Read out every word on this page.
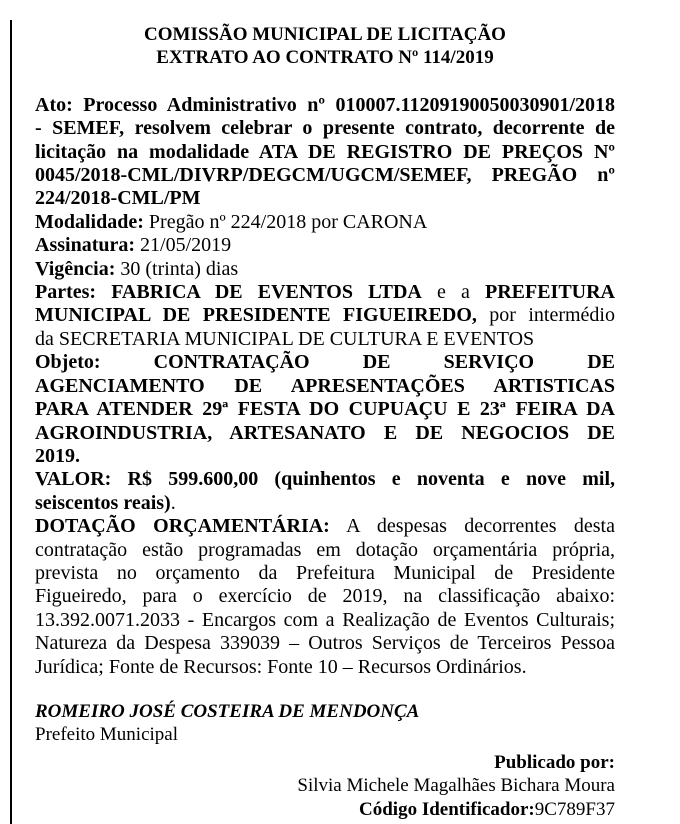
COMISSÃO MUNICIPAL DE LICITAÇÃO
EXTRATO AO CONTRATO Nº 114/2019
Ato: Processo Administrativo nº 010007.11209190050030901/2018
- SEMEF, resolvem celebrar o presente contrato, decorrente de
licitação na modalidade ATA DE REGISTRO DE PREÇOS Nº
0045/2018-CML/DIVRP/DEGCM/UGCM/SEMEF, PREGÃO nº
224/2018-CML/PM
Modalidade: Pregão nº 224/2018 por CARONA
Assinatura: 21/05/2019
Vigência: 30 (trinta) dias
Partes: FABRICA DE EVENTOS LTDA e a PREFEITURA
MUNICIPAL DE PRESIDENTE FIGUEIREDO, por intermédio
da SECRETARIA MUNICIPAL DE CULTURA E EVENTOS
Objeto: CONTRATAÇÃO DE SERVIÇO DE
AGENCIAMENTO DE APRESENTAÇÕES ARTISTICAS
PARA ATENDER 29ª FESTA DO CUPUAÇU E 23ª FEIRA DA
AGROINDUSTRIA, ARTESANATO E DE NEGOCIOS DE
2019.
VALOR: R$ 599.600,00 (quinhentos e noventa e nove mil,
seiscentos reais).
DOTAÇÃO ORÇAMENTÁRIA: A despesas decorrentes desta
contratação estão programadas em dotação orçamentária própria,
prevista no orçamento da Prefeitura Municipal de Presidente
Figueiredo, para o exercício de 2019, na classificação abaixo:
13.392.0071.2033 - Encargos com a Realização de Eventos Culturais;
Natureza da Despesa 339039 – Outros Serviços de Terceiros Pessoa
Jurídica; Fonte de Recursos: Fonte 10 – Recursos Ordinários.
ROMEIRO JOSÉ COSTEIRA DE MENDONÇA
Prefeito Municipal
Publicado por:
Silvia Michele Magalhães Bichara Moura
Código Identificador:9C789F37
